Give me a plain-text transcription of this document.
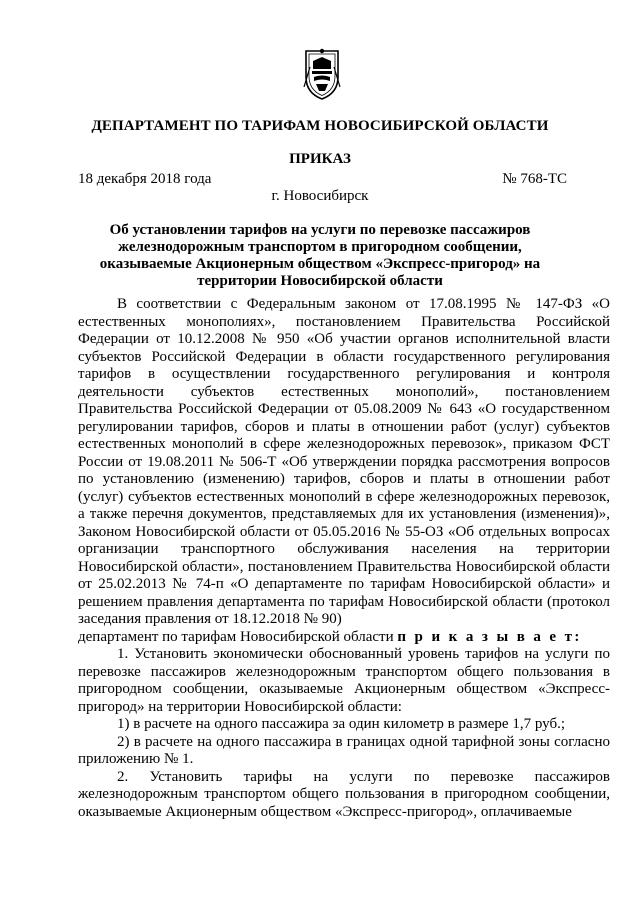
ДЕПАРТАМЕНТ ПО ТАРИФАМ НОВОСИБИРСКОЙ ОБЛАСТИ
ПРИКАЗ
18 декабря 2018 года	№ 768-ТС
г. Новосибирск
Об установлении тарифов на услуги по перевозке пассажиров железнодорожным транспортом в пригородном сообщении, оказываемые Акционерным обществом «Экспресс-пригород» на территории Новосибирской области

В соответствии с Федеральным законом от 17.08.1995 № 147-ФЗ «О естественных монополиях», постановлением Правительства Российской Федерации от 10.12.2008 № 950 «Об участии органов исполнительной власти субъектов Российской Федерации в области государственного регулирования тарифов в осуществлении государственного регулирования и контроля деятельности субъектов естественных монополий», постановлением Правительства Российской Федерации от 05.08.2009 № 643 «О государственном регулировании тарифов, сборов и платы в отношении работ (услуг) субъектов естественных монополий в сфере железнодорожных перевозок», приказом ФСТ России от 19.08.2011 № 506-Т «Об утверждении порядка рассмотрения вопросов по установлению (изменению) тарифов, сборов и платы в отношении работ (услуг) субъектов естественных монополий в сфере железнодорожных перевозок, а также перечня документов, представляемых для их установления (изменения)», Законом Новосибирской области от 05.05.2016 № 55-ОЗ «Об отдельных вопросах организации транспортного обслуживания населения на территории Новосибирской области», постановлением Правительства Новосибирской области от 25.02.2013 № 74-п «О департаменте по тарифам Новосибирской области» и решением правления департамента по тарифам Новосибирской области (протокол заседания правления от 18.12.2018 № 90)

департамент по тарифам Новосибирской области п р и к а з ы в а е т:

1. Установить экономически обоснованный уровень тарифов на услуги по перевозке пассажиров железнодорожным транспортом общего пользования в пригородном сообщении, оказываемые Акционерным обществом «Экспресс-пригород» на территории Новосибирской области:

1) в расчете на одного пассажира за один километр в размере 1,7 руб.;

2) в расчете на одного пассажира в границах одной тарифной зоны согласно приложению № 1.

2. Установить тарифы на услуги по перевозке пассажиров железнодорожным транспортом общего пользования в пригородном сообщении, оказываемые Акционерным обществом «Экспресс-пригород», оплачиваемые
